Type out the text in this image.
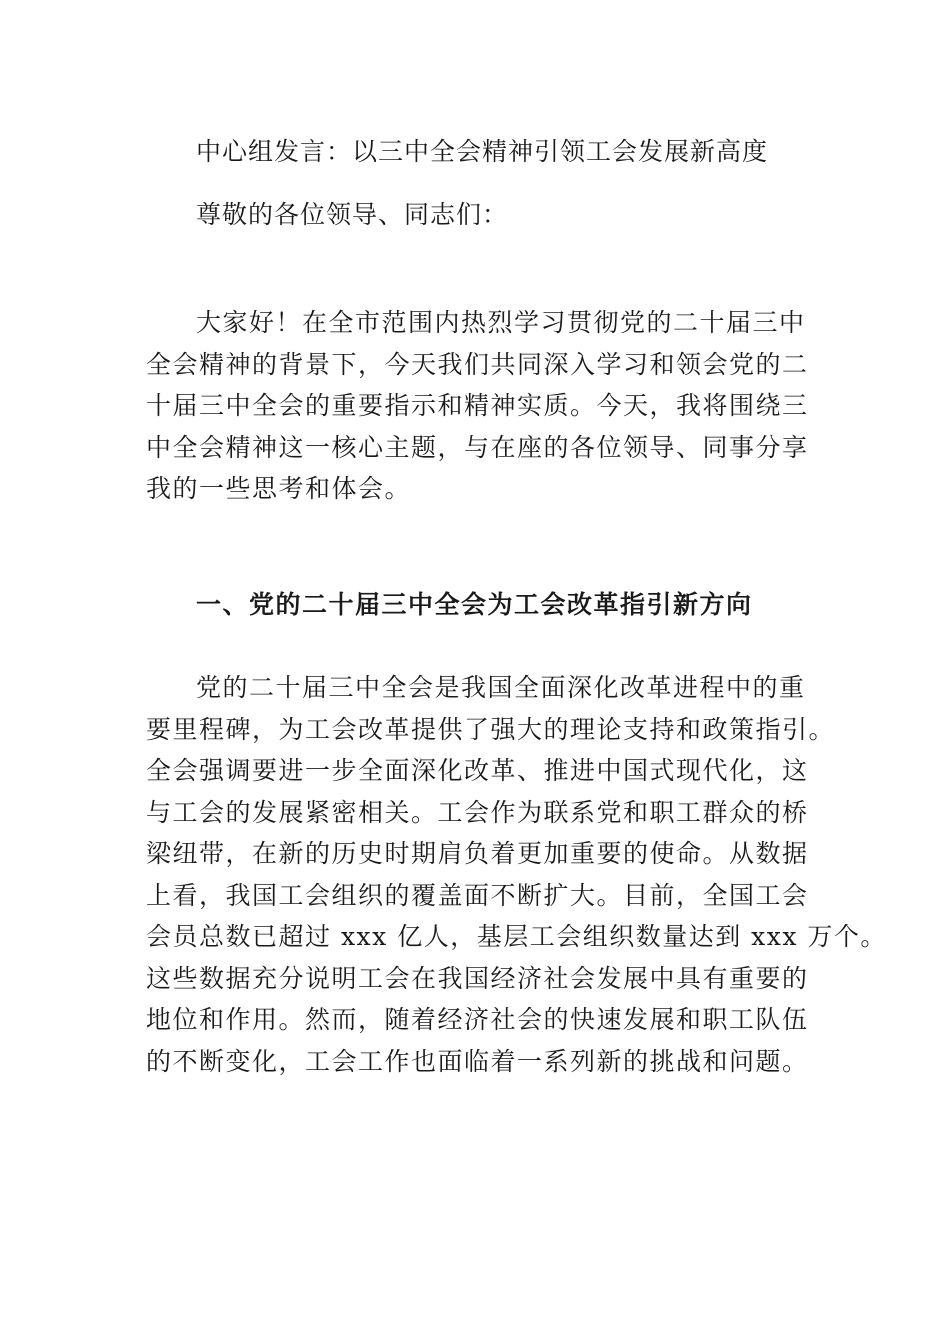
中心组发言：以三中全会精神引领工会发展新高度
尊敬的各位领导、同志们：
大家好！在全市范围内热烈学习贯彻党的二十届三中
全会精神的背景下，今天我们共同深入学习和领会党的二
十届三中全会的重要指示和精神实质。今天，我将围绕三
中全会精神这一核心主题，与在座的各位领导、同事分享
我的一些思考和体会。
一、党的二十届三中全会为工会改革指引新方向
党的二十届三中全会是我国全面深化改革进程中的重
要里程碑，为工会改革提供了强大的理论支持和政策指引。
全会强调要进一步全面深化改革、推进中国式现代化，这
与工会的发展紧密相关。工会作为联系党和职工群众的桥
梁纽带，在新的历史时期肩负着更加重要的使命。从数据
上看，我国工会组织的覆盖面不断扩大。目前，全国工会
会员总数已超过 xxx 亿人，基层工会组织数量达到 xxx 万个。
这些数据充分说明工会在我国经济社会发展中具有重要的
地位和作用。然而，随着经济社会的快速发展和职工队伍
的不断变化，工会工作也面临着一系列新的挑战和问题。
